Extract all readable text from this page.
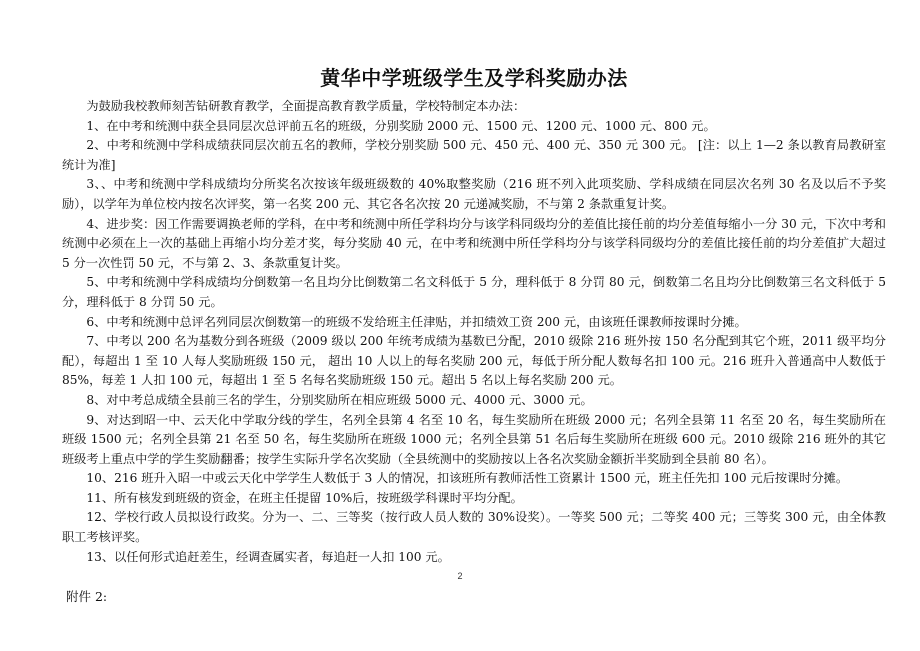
黄华中学班级学生及学科奖励办法

为鼓励我校教师刻苦钻研教育教学，全面提高教育教学质量，学校特制定本办法：

1、在中考和统测中获全县同层次总评前五名的班级，分别奖励 2000 元、1500 元、1200 元、1000 元、800 元。

2、中考和统测中学科成绩获同层次前五名的教师，学校分别奖励 500 元、450 元、400 元、350 元 300 元。 [注：以上 1—2 条以教育局教研室统计为准]

3、、中考和统测中学科成绩均分所奖名次按该年级班级数的 40%取整奖励（216 班不列入此项奖励、学科成绩在同层次名列 30 名及以后不予奖励），以学年为单位校内按名次评奖，第一名奖 200 元、其它各名次按 20 元递减奖励，不与第 2 条款重复计奖。

4、进步奖：因工作需要调换老师的学科，在中考和统测中所任学科均分与该学科同级均分的差值比接任前的均分差值每缩小一分 30 元，下次中考和统测中必须在上一次的基础上再缩小均分差才奖，每分奖励 40 元，在中考和统测中所任学科均分与该学科同级均分的差值比接任前的均分差值扩大超过 5 分一次性罚 50 元，不与第 2、3、条款重复计奖。

5、中考和统测中学科成绩均分倒数第一名且均分比倒数第二名文科低于 5 分，理科低于 8 分罚 80 元，倒数第二名且均分比倒数第三名文科低于 5 分，理科低于 8 分罚 50 元。

6、中考和统测中总评名列同层次倒数第一的班级不发给班主任津贴，并扣绩效工资 200 元，由该班任课教师按课时分摊。

7、中考以 200 名为基数分到各班级（2009 级以 200 年统考成绩为基数已分配，2010 级除 216 班外按 150 名分配到其它个班，2011 级平均分配），每超出 1 至 10 人每人奖励班级 150 元， 超出 10 人以上的每名奖励 200 元，每低于所分配人数每名扣 100 元。216 班升入普通高中人数低于85%，每差 1 人扣 100 元，每超出 1 至 5 名每名奖励班级 150 元。超出 5 名以上每名奖励 200 元。

8、对中考总成绩全县前三名的学生，分别奖励所在相应班级 5000 元、4000 元、3000 元。

9、对达到昭一中、云天化中学取分线的学生，名列全县第 4 名至 10 名，每生奖励所在班级 2000 元；名列全县第 11 名至 20 名，每生奖励所在班级 1500 元；名列全县第 21 名至 50 名，每生奖励所在班级 1000 元；名列全县第 51 名后每生奖励所在班级 600 元。2010 级除 216 班外的其它班级考上重点中学的学生奖励翻番；按学生实际升学名次奖励（全县统测中的奖励按以上各名次奖励金额折半奖励到全县前 80 名）。

10、216 班升入昭一中或云天化中学学生人数低于 3 人的情况，扣该班所有教师活性工资累计 1500 元，班主任先扣 100 元后按课时分摊。

11、所有核发到班级的资金，在班主任提留 10%后，按班级学科课时平均分配。

12、学校行政人员拟设行政奖。分为一、二、三等奖（按行政人员人数的 30%设奖）。一等奖 500 元；二等奖 400 元；三等奖 300 元，由全体教职工考核评奖。

13、以任何形式追赶差生，经调查属实者，每追赶一人扣 100 元。

附件 2:

2
